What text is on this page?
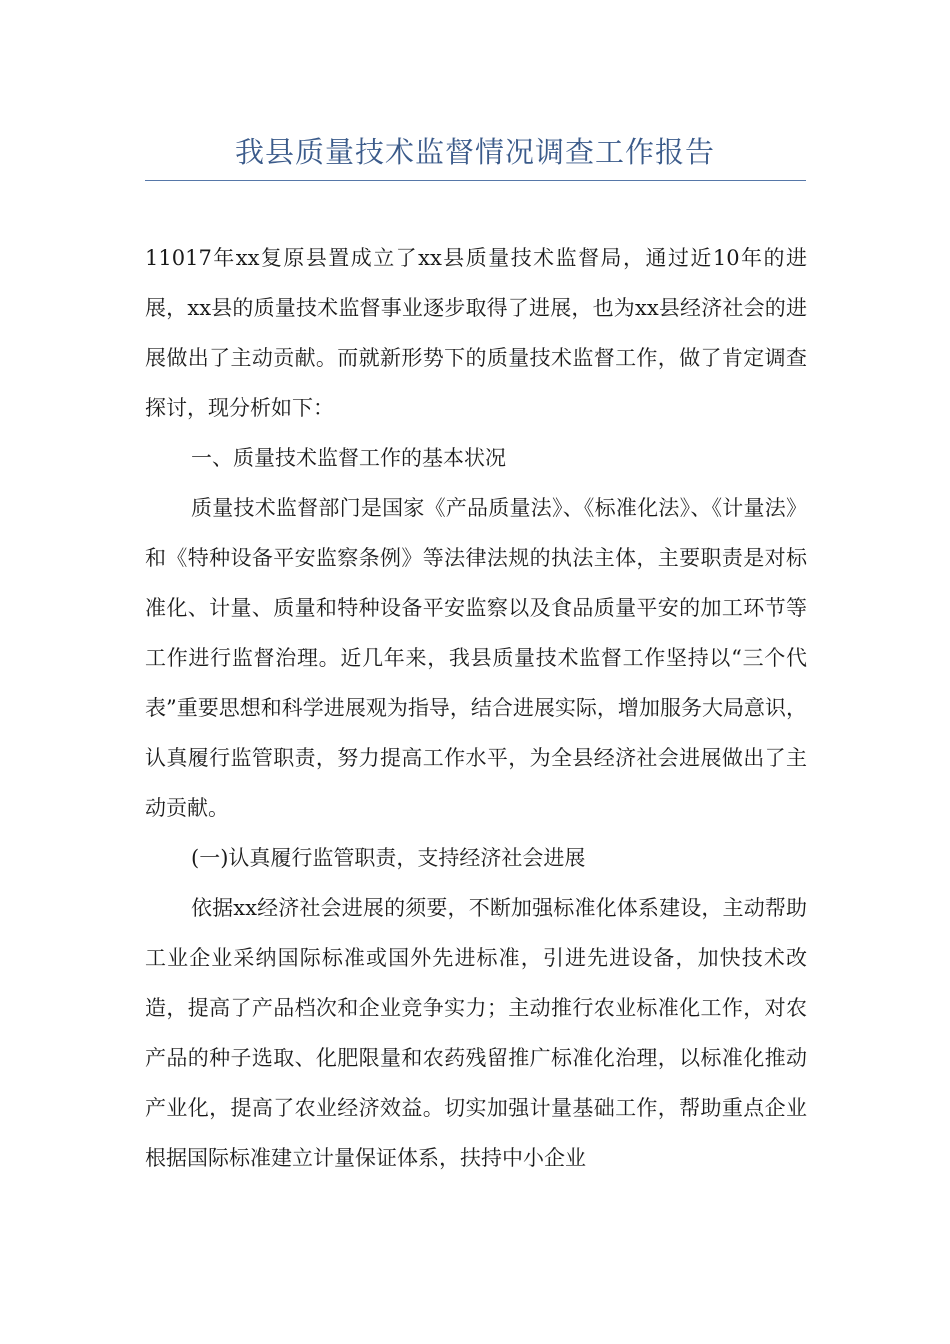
我县质量技术监督情况调查工作报告

11017年xx复原县置成立了xx县质量技术监督局，通过近10年的进展，xx县的质量技术监督事业逐步取得了进展，也为xx县经济社会的进展做出了主动贡献。而就新形势下的质量技术监督工作，做了肯定调查探讨，现分析如下：

一、质量技术监督工作的基本状况

质量技术监督部门是国家《产品质量法》、《标准化法》、《计量法》和《特种设备平安监察条例》等法律法规的执法主体，主要职责是对标准化、计量、质量和特种设备平安监察以及食品质量平安的加工环节等工作进行监督治理。近几年来，我县质量技术监督工作坚持以“三个代表”重要思想和科学进展观为指导，结合进展实际，增加服务大局意识，认真履行监管职责，努力提高工作水平，为全县经济社会进展做出了主动贡献。

(一)认真履行监管职责，支持经济社会进展

依据xx经济社会进展的须要，不断加强标准化体系建设，主动帮助工业企业采纳国际标准或国外先进标准，引进先进设备，加快技术改造，提高了产品档次和企业竞争实力；主动推行农业标准化工作，对农产品的种子选取、化肥限量和农药残留推广标准化治理，以标准化推动产业化，提高了农业经济效益。切实加强计量基础工作，帮助重点企业根据国际标准建立计量保证体系，扶持中小企业
